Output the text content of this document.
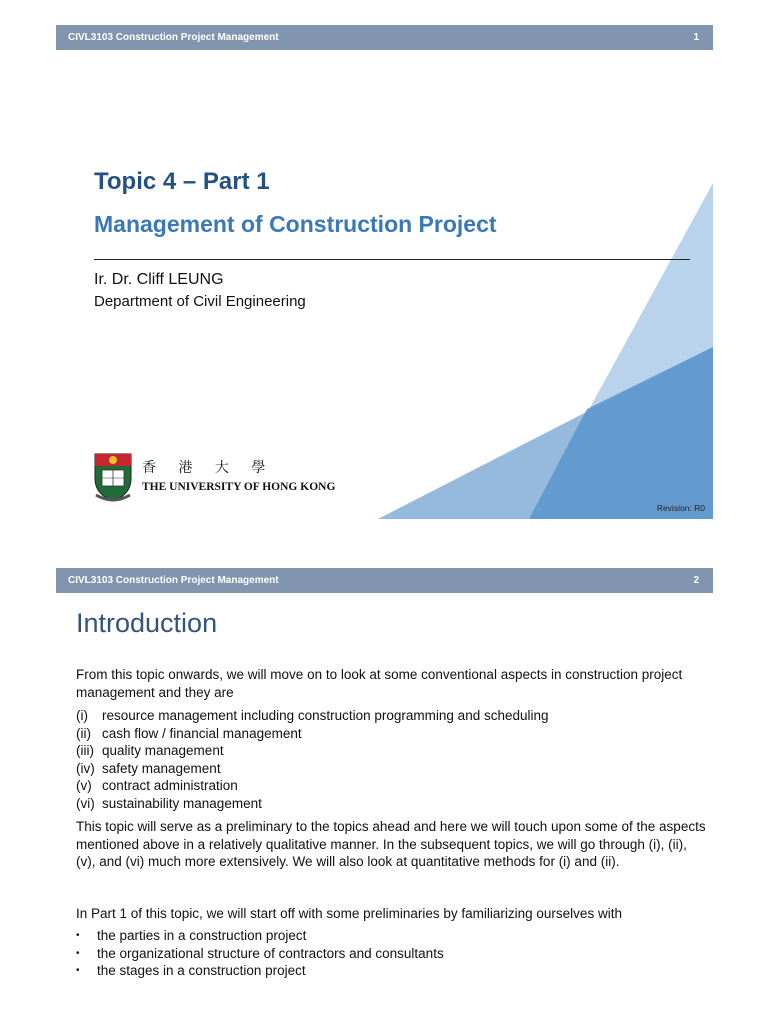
CIVL3103 Construction Project Management	1
Topic 4 – Part 1
Management of Construction Project
Ir. Dr. Cliff LEUNG
Department of Civil Engineering
香 港 大 學
THE UNIVERSITY OF HONG KONG
Revision: R0
CIVL3103 Construction Project Management	2
Introduction
From this topic onwards, we will move on to look at some conventional aspects in construction project management and they are
(i)	resource management including construction programming and scheduling
(ii) cash flow / financial management
(iii) quality management
(iv) safety management
(v) contract administration
(vi) sustainability management
This topic will serve as a preliminary to the topics ahead and here we will touch upon some of the aspects mentioned above in a relatively qualitative manner. In the subsequent topics, we will go through (i), (ii), (v), and (vi) much more extensively. We will also look at quantitative methods for (i) and (ii).
In Part 1 of this topic, we will start off with some preliminaries by familiarizing ourselves with
•	the parties in a construction project
•	the organizational structure of contractors and consultants
•	the stages in a construction project
